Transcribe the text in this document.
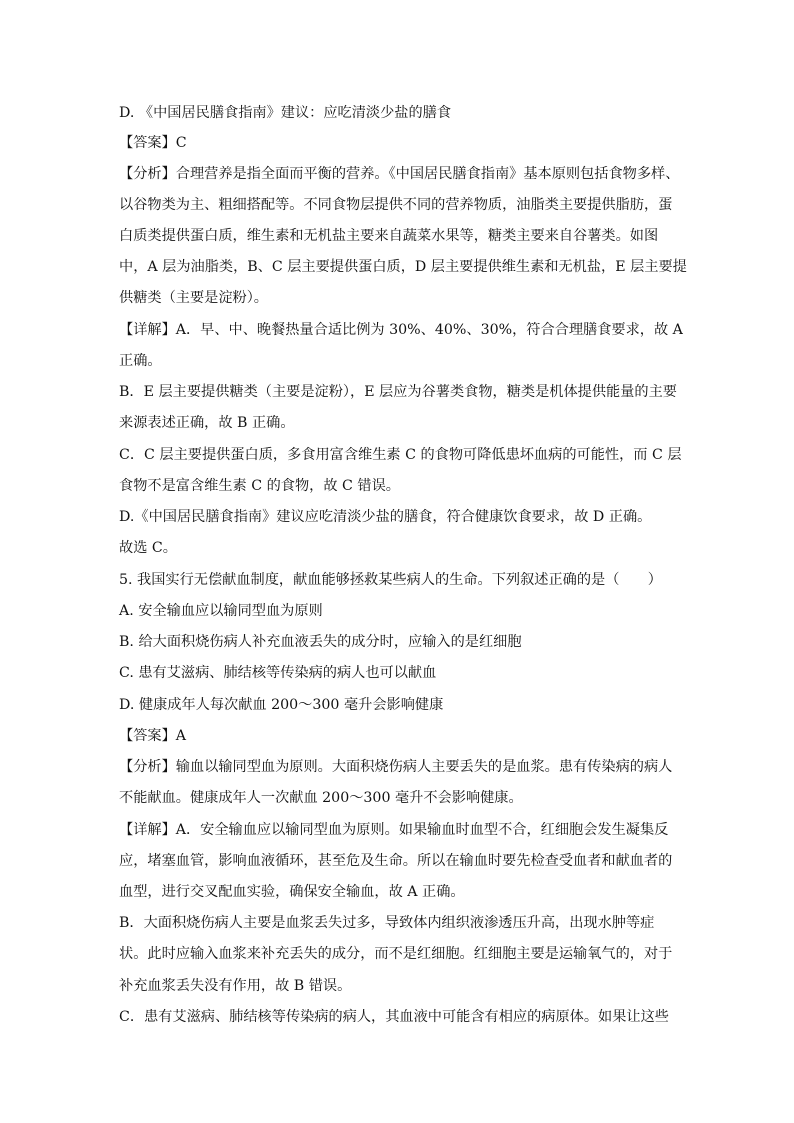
D. 《中国居民膳食指南》建议：应吃清淡少盐的膳食
【答案】C
【分析】合理营养是指全面而平衡的营养。《中国居民膳食指南》基本原则包括食物多样、
以谷物类为主、粗细搭配等。不同食物层提供不同的营养物质，油脂类主要提供脂肪，蛋
白质类提供蛋白质，维生素和无机盐主要来自蔬菜水果等，糖类主要来自谷薯类。如图
中，A 层为油脂类，B、C 层主要提供蛋白质，D 层主要提供维生素和无机盐，E 层主要提
供糖类（主要是淀粉）。
【详解】A．早、中、晚餐热量合适比例为 30%、40%、30%，符合合理膳食要求，故 A
正确。
B．E 层主要提供糖类（主要是淀粉），E 层应为谷薯类食物，糖类是机体提供能量的主要
来源表述正确，故 B 正确。
C．C 层主要提供蛋白质，多食用富含维生素 C 的食物可降低患坏血病的可能性，而 C 层
食物不是富含维生素 C 的食物，故 C 错误。
D.《中国居民膳食指南》建议应吃清淡少盐的膳食，符合健康饮食要求，故 D 正确。
故选 C。
5. 我国实行无偿献血制度，献血能够拯救某些病人的生命。下列叙述正确的是（　　）
A. 安全输血应以输同型血为原则
B. 给大面积烧伤病人补充血液丢失的成分时，应输入的是红细胞
C. 患有艾滋病、肺结核等传染病的病人也可以献血
D. 健康成年人每次献血 200～300 毫升会影响健康
【答案】A
【分析】输血以输同型血为原则。大面积烧伤病人主要丢失的是血浆。患有传染病的病人
不能献血。健康成年人一次献血 200～300 毫升不会影响健康。
【详解】A．安全输血应以输同型血为原则。如果输血时血型不合，红细胞会发生凝集反
应，堵塞血管，影响血液循环，甚至危及生命。所以在输血时要先检查受血者和献血者的
血型，进行交叉配血实验，确保安全输血，故 A 正确。
B．大面积烧伤病人主要是血浆丢失过多，导致体内组织液渗透压升高，出现水肿等症
状。此时应输入血浆来补充丢失的成分，而不是红细胞。红细胞主要是运输氧气的，对于
补充血浆丢失没有作用，故 B 错误。
C．患有艾滋病、肺结核等传染病的病人，其血液中可能含有相应的病原体。如果让这些
